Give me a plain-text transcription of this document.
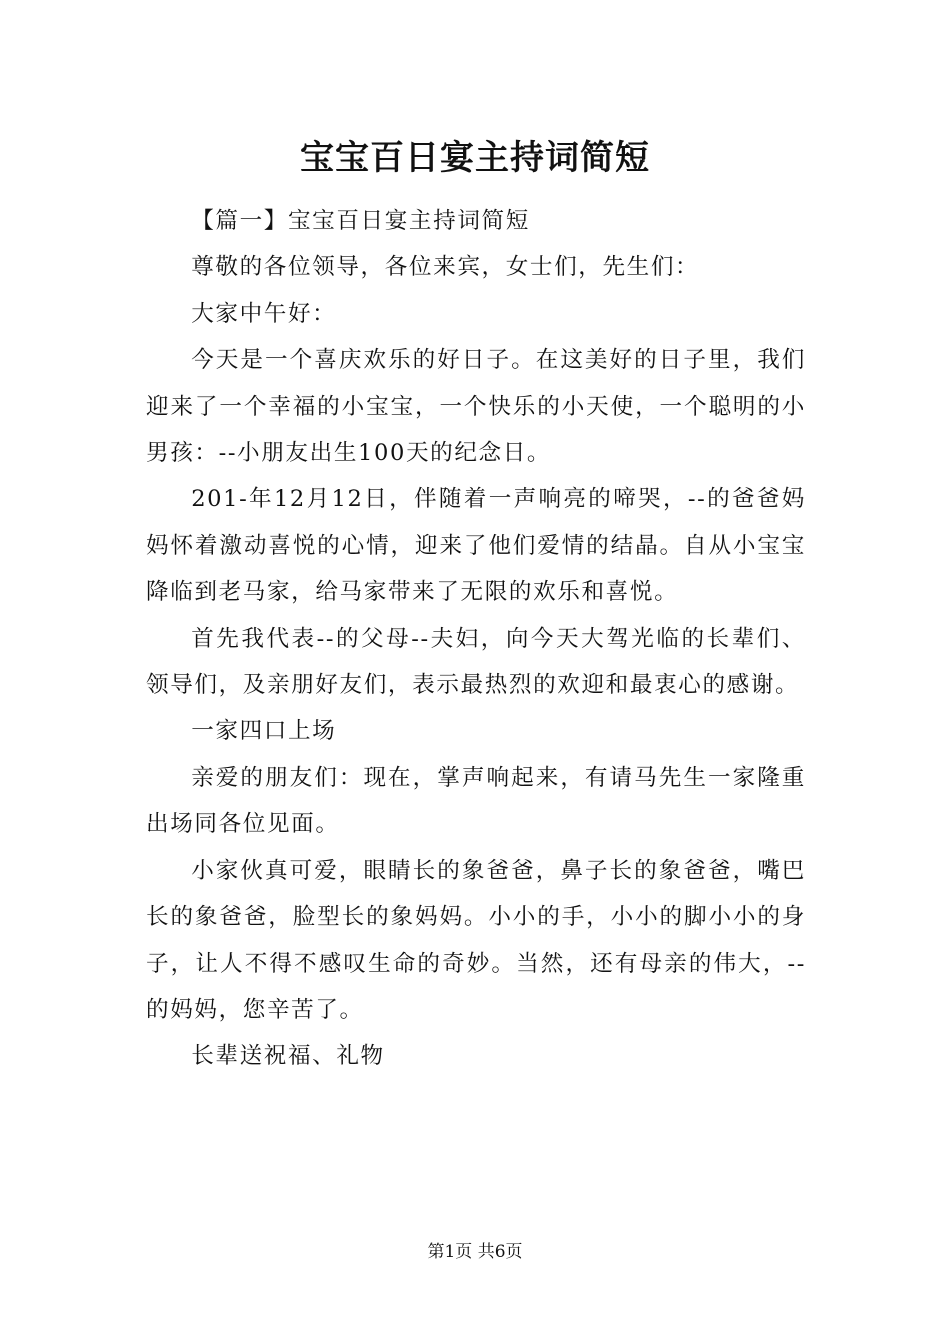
宝宝百日宴主持词简短

【篇一】宝宝百日宴主持词简短

尊敬的各位领导，各位来宾，女士们，先生们：

大家中午好：

今天是一个喜庆欢乐的好日子。在这美好的日子里，我们迎来了一个幸福的小宝宝，一个快乐的小天使，一个聪明的小男孩：--小朋友出生100天的纪念日。

201-年12月12日，伴随着一声响亮的啼哭，--的爸爸妈妈怀着激动喜悦的心情，迎来了他们爱情的结晶。自从小宝宝降临到老马家，给马家带来了无限的欢乐和喜悦。

首先我代表--的父母--夫妇，向今天大驾光临的长辈们、领导们，及亲朋好友们，表示最热烈的欢迎和最衷心的感谢。

一家四口上场

亲爱的朋友们：现在，掌声响起来，有请马先生一家隆重出场同各位见面。

小家伙真可爱，眼睛长的象爸爸，鼻子长的象爸爸，嘴巴长的象爸爸，脸型长的象妈妈。小小的手，小小的脚小小的身子，让人不得不感叹生命的奇妙。当然，还有母亲的伟大，--的妈妈，您辛苦了。

长辈送祝福、礼物

第1页 共6页
